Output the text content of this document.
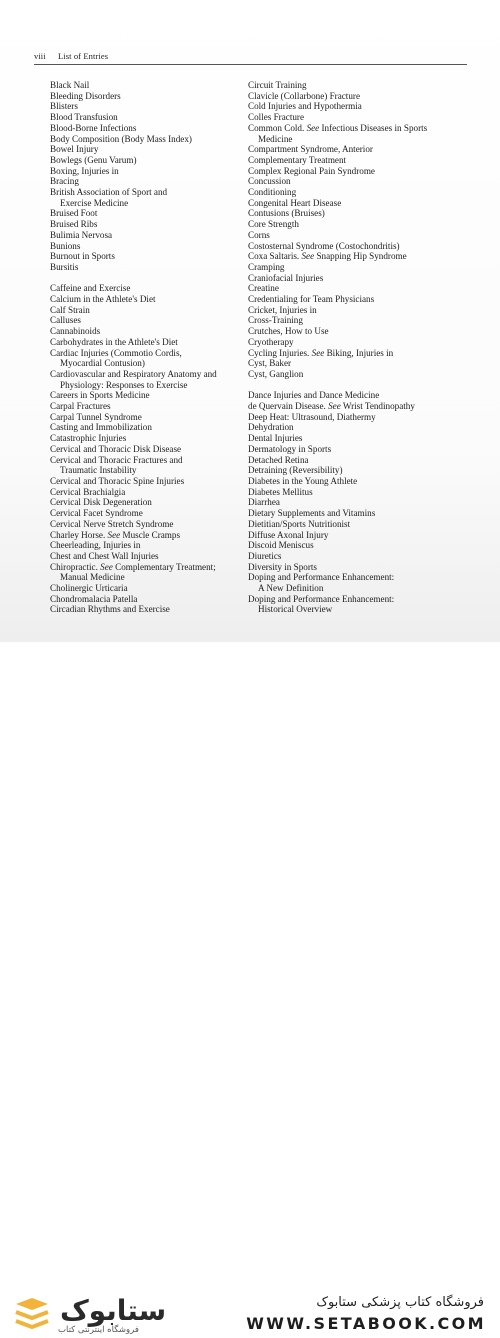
viii List of Entries
Black Nail
Bleeding Disorders
Blisters
Blood Transfusion
Blood-Borne Infections
Body Composition (Body Mass Index)
Bowel Injury
Bowlegs (Genu Varum)
Boxing, Injuries in
Bracing
British Association of Sport and
Exercise Medicine
Bruised Foot
Bruised Ribs
Bulimia Nervosa
Bunions
Burnout in Sports
Bursitis
Caffeine and Exercise
Calcium in the Athlete's Diet
Calf Strain
Calluses
Cannabinoids
Carbohydrates in the Athlete's Diet
Cardiac Injuries (Commotio Cordis,
Myocardial Contusion)
Cardiovascular and Respiratory Anatomy and
Physiology: Responses to Exercise
Careers in Sports Medicine
Carpal Fractures
Carpal Tunnel Syndrome
Casting and Immobilization
Catastrophic Injuries
Cervical and Thoracic Disk Disease
Cervical and Thoracic Fractures and
Traumatic Instability
Cervical and Thoracic Spine Injuries
Cervical Brachialgia
Cervical Disk Degeneration
Cervical Facet Syndrome
Cervical Nerve Stretch Syndrome
Charley Horse. See Muscle Cramps
Cheerleading, Injuries in
Chest and Chest Wall Injuries
Chiropractic. See Complementary Treatment;
Manual Medicine
Cholinergic Urticaria
Chondromalacia Patella
Circadian Rhythms and Exercise
Circuit Training
Clavicle (Collarbone) Fracture
Cold Injuries and Hypothermia
Colles Fracture
Common Cold. See Infectious Diseases in Sports
Medicine
Compartment Syndrome, Anterior
Complementary Treatment
Complex Regional Pain Syndrome
Concussion
Conditioning
Congenital Heart Disease
Contusions (Bruises)
Core Strength
Corns
Costosternal Syndrome (Costochondritis)
Coxa Saltaris. See Snapping Hip Syndrome
Cramping
Craniofacial Injuries
Creatine
Credentialing for Team Physicians
Cricket, Injuries in
Cross-Training
Crutches, How to Use
Cryotherapy
Cycling Injuries. See Biking, Injuries in
Cyst, Baker
Cyst, Ganglion
Dance Injuries and Dance Medicine
de Quervain Disease. See Wrist Tendinopathy
Deep Heat: Ultrasound, Diathermy
Dehydration
Dental Injuries
Dermatology in Sports
Detached Retina
Detraining (Reversibility)
Diabetes in the Young Athlete
Diabetes Mellitus
Diarrhea
Dietary Supplements and Vitamins
Dietitian/Sports Nutritionist
Diffuse Axonal Injury
Discoid Meniscus
Diuretics
Diversity in Sports
Doping and Performance Enhancement:
A New Definition
Doping and Performance Enhancement:
Historical Overview
ستابوک
فروشگاه اینترنتی کتاب
فروشگاه کتاب پزشکی ستابوک
WWW.SETABOOK.COM
